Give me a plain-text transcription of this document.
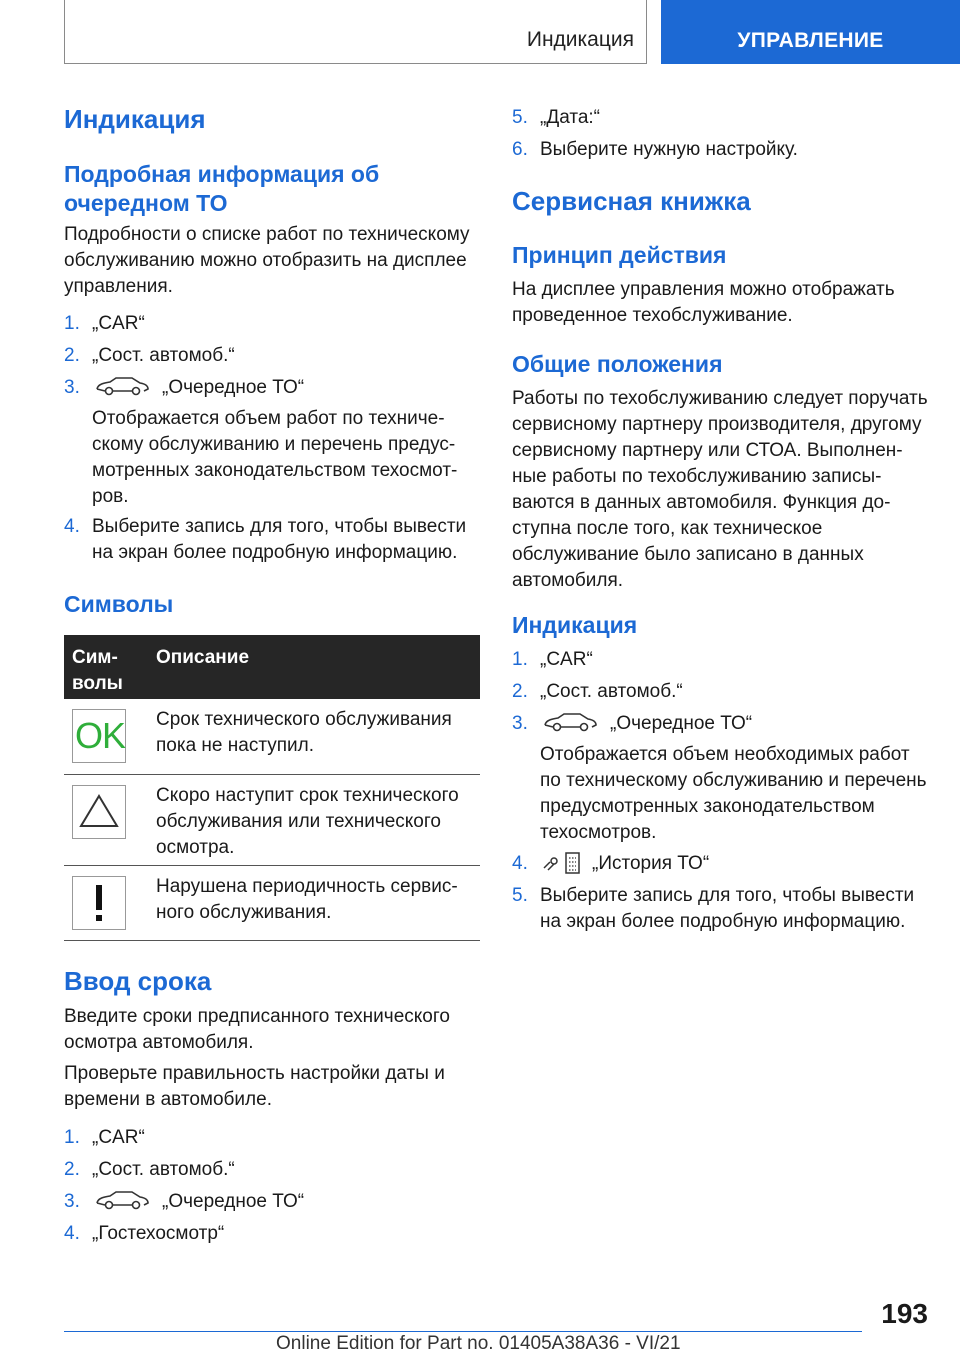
Индикация	УПРАВЛЕНИЕ
Индикация
Подробная информация об очередном ТО

Подробности о списке работ по техническому обслуживанию можно отобразить на дисплее управления.

1. „CAR“
2. „Сост. автомоб.“
3.	„Очередное ТО“

Отображается объем работ по техническому обслуживанию и перечень предусмотренных законодательством техосмотров.

4. Выберите запись для того, чтобы вывести на экран более подробную информацию.
Символы
Символы
Описание
OK Срок технического обслуживания пока не наступил.
Скоро наступит срок технического обслуживания или технического осмотра.
Нарушена периодичность сервисного обслуживания.
Ввод срока

Введите сроки предписанного технического осмотра автомобиля.

Проверьте правильность настройки даты и времени в автомобиле.

1. „CAR“
2. „Сост. автомоб.“
3.	„Очередное ТО“
4. „Гостехосмотр“
5. „Дата:“
6. Выберите нужную настройку.
Сервисная книжка
Принцип действия

На дисплее управления можно отображать проведенное техобслуживание.

Общие положения

Работы по техобслуживанию следует поручать сервисному партнеру производителя, другому сервисному партнеру или СТОА. Выполненные работы по техобслуживанию записываются в данных автомобиля. Функция доступна после того, как техническое обслуживание было записано в данных автомобиля.

Индикация
1. „CAR“
2. „Сост. автомоб.“
3.	„Очередное ТО“

Отображается объем необходимых работ по техническому обслуживанию и перечень предусмотренных законодательством техосмотров.

4.	„История ТО“
5. Выберите запись для того, чтобы вывести на экран более подробную информацию.
193
Online Edition for Part no. 01405A38A36 - VI/21
